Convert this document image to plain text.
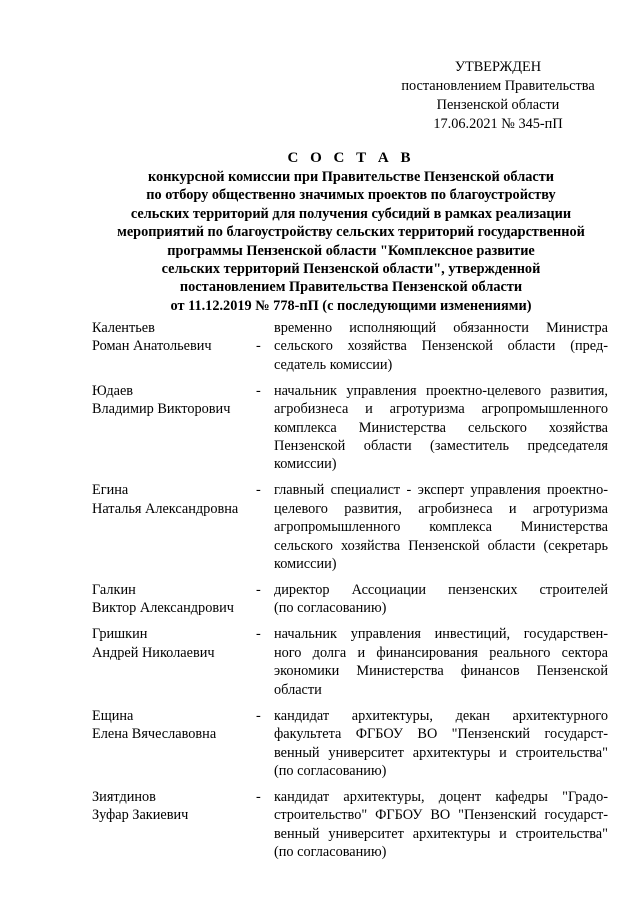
УТВЕРЖДЕН
постановлением Правительства
Пензенской области
17.06.2021 № 345-пП
С О С Т А В
конкурсной комиссии при Правительстве Пензенской области
по отбору общественно значимых проектов по благоустройству
сельских территорий для получения субсидий в рамках реализации
мероприятий по благоустройству сельских территорий государственной
программы Пензенской области "Комплексное развитие
сельских территорий Пензенской области", утвержденной
постановлением Правительства Пензенской области
от 11.12.2019 № 778-пП (с последующими изменениями)
Калентьев
Роман Анатольевич	-
временно исполняющий обязанности Министра
сельского хозяйства Пензенской области (пред-
седатель комиссии)
Юдаев
Владимир Викторович
- начальник управления проектно-целевого развития,
агробизнеса и агротуризма агропромышленного
комплекса Министерства сельского хозяйства
Пензенской области (заместитель председателя
комиссии)
Егина
Наталья Александровна
- главный специалист - эксперт управления проектно-
целевого развития, агробизнеса и агротуризма
агропромышленного комплекса Министерства
сельского хозяйства Пензенской области (секретарь
комиссии)
Галкин
Виктор Александрович
- директор Ассоциации пензенских строителей
(по согласованию)
Гришкин
Андрей Николаевич
- начальник управления инвестиций, государствен-
ного долга и финансирования реального сектора
экономики Министерства финансов Пензенской
области
Ещина
Елена Вячеславовна
- кандидат архитектуры, декан архитектурного
факультета ФГБОУ ВО "Пензенский государст-
венный университет архитектуры и строительства"
(по согласованию)
Зиятдинов
Зуфар Закиевич
- кандидат архитектуры, доцент кафедры "Градо-
строительство" ФГБОУ ВО "Пензенский государст-
венный университет архитектуры и строительства"
(по согласованию)
